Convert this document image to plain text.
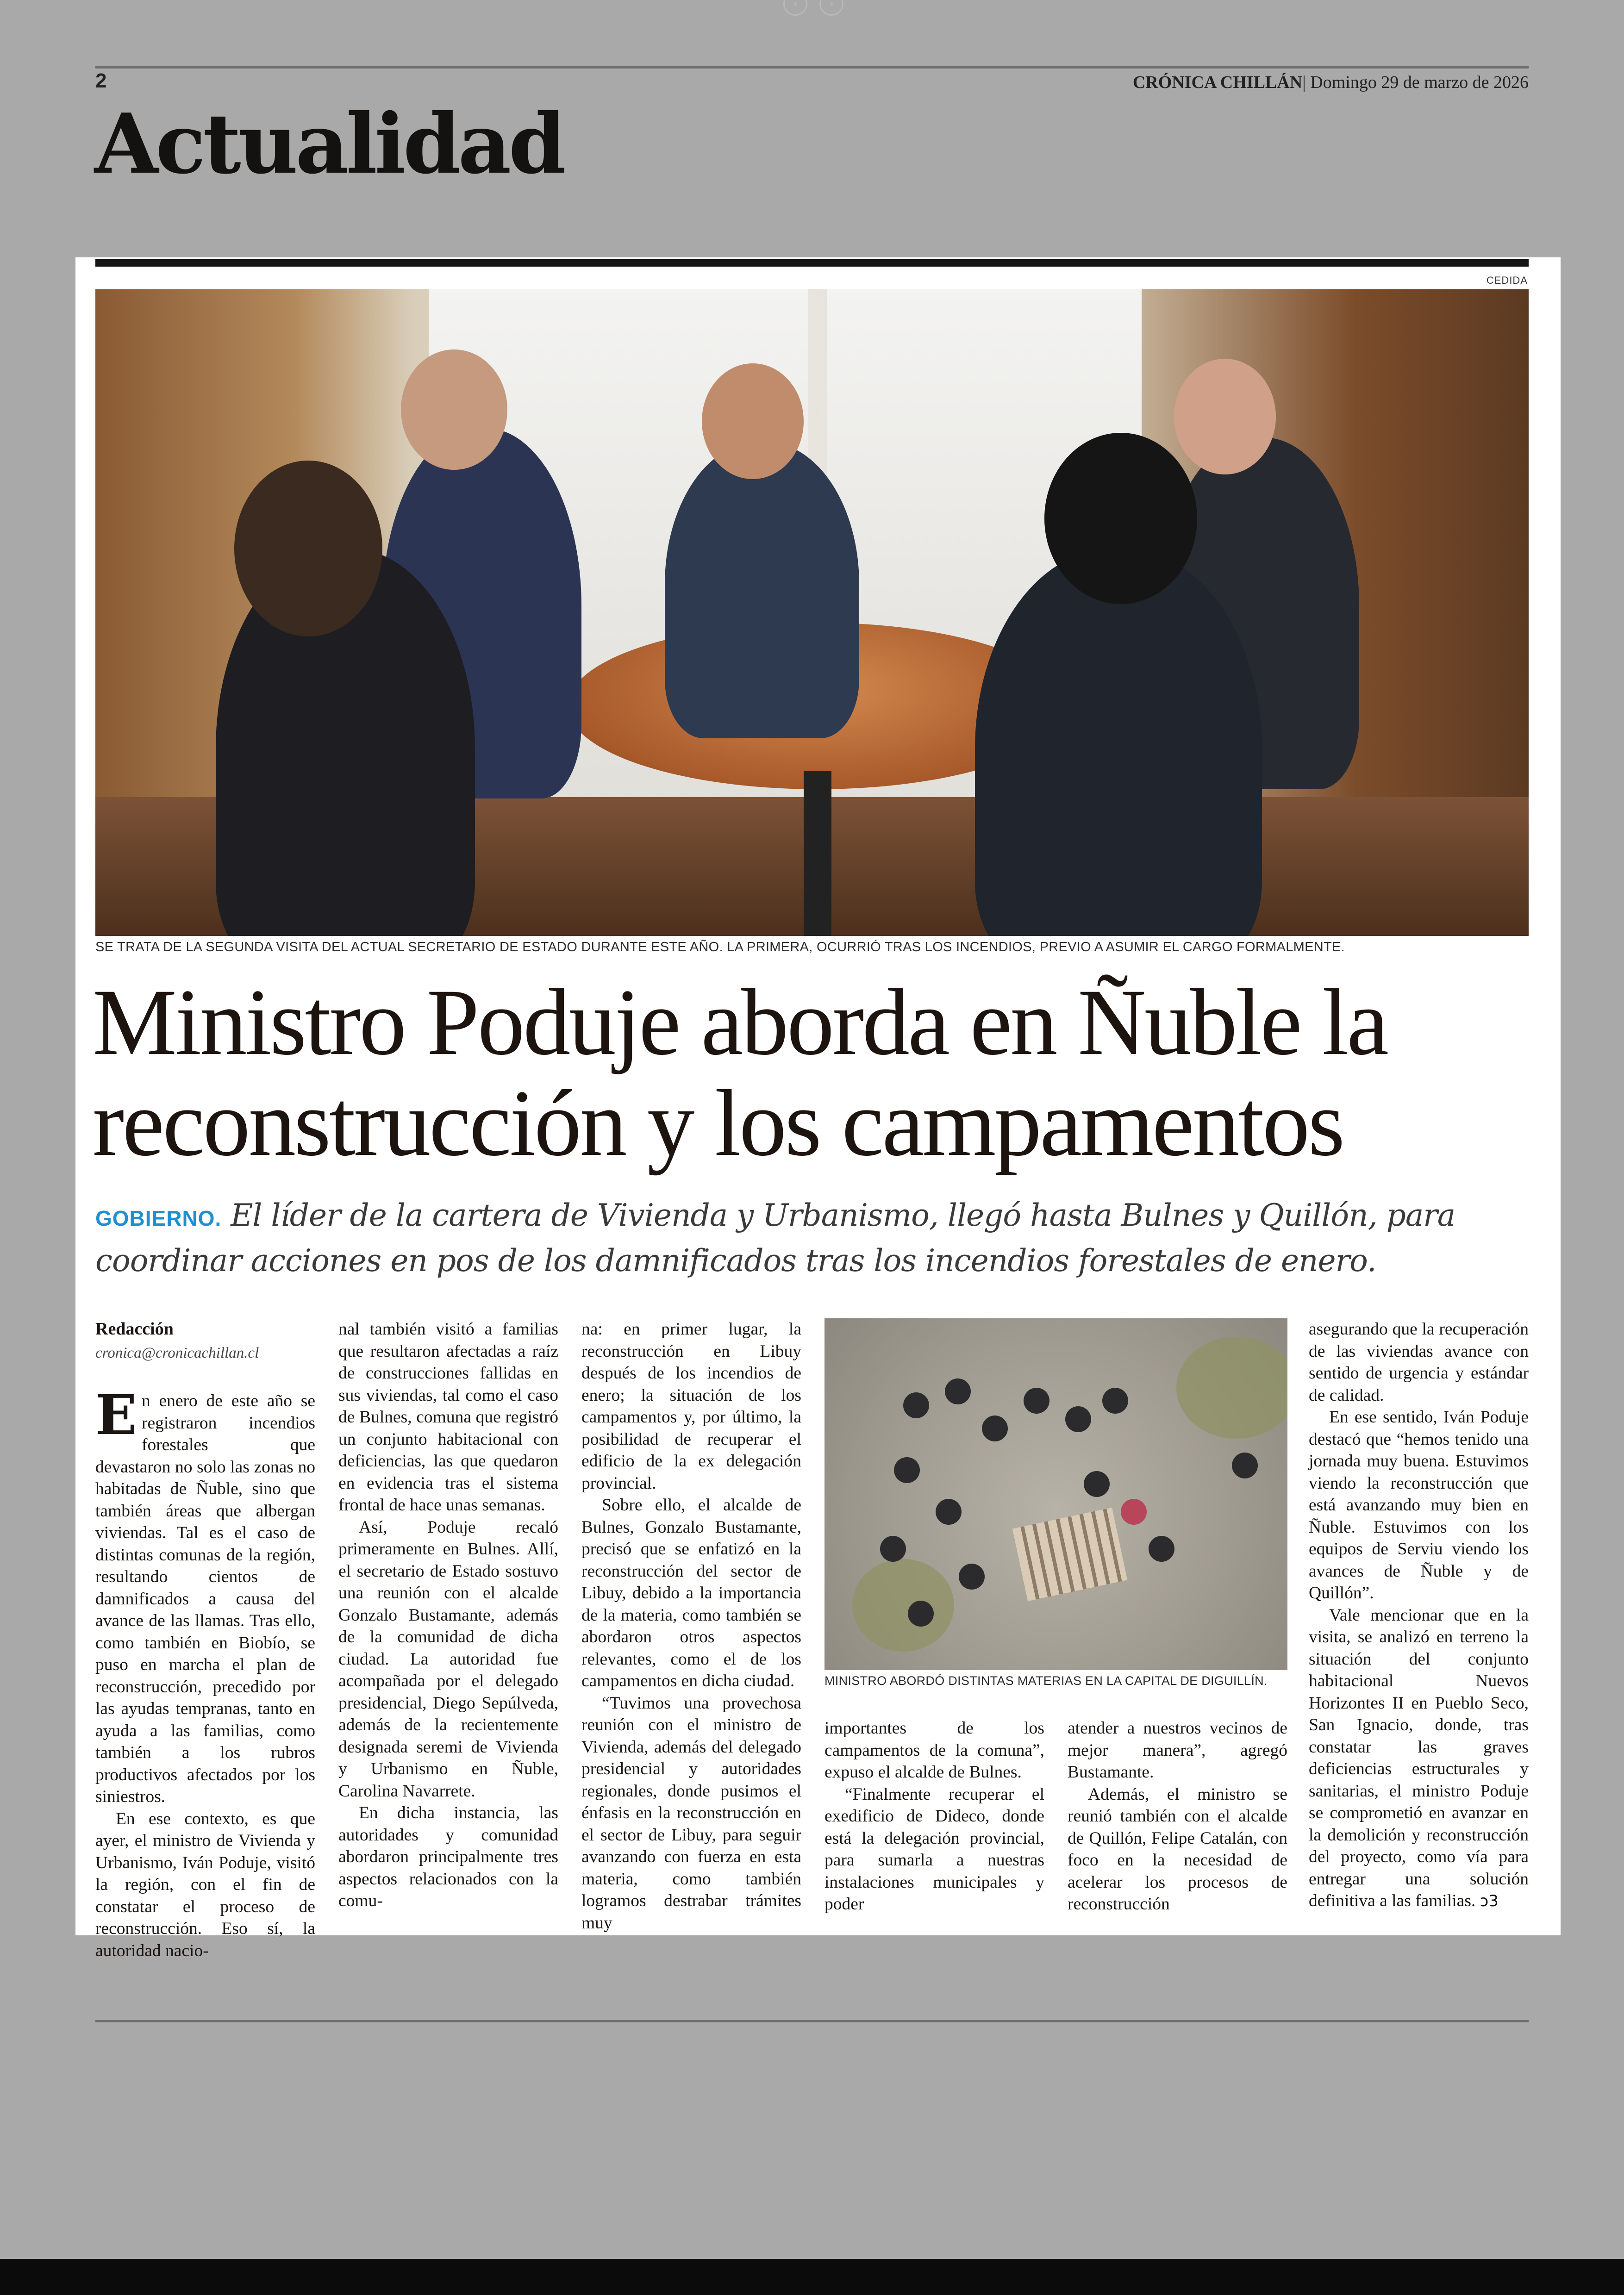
‹	›
2	CRÓNICA CHILLÁN| Domingo 29 de marzo de 2026
Actualidad
CEDIDA
SE TRATA DE LA SEGUNDA VISITA DEL ACTUAL SECRETARIO DE ESTADO DURANTE ESTE AÑO. LA PRIMERA, OCURRIÓ TRAS LOS INCENDIOS, PREVIO A ASUMIR EL CARGO FORMALMENTE.
Ministro Poduje aborda en Ñuble la
reconstrucción y los campamentos
GOBIERNO. El líder de la cartera de Vivienda y Urbanismo, llegó hasta Bulnes y Quillón, para coordinar acciones en pos de los damnificados tras los incendios forestales de enero.
Redacción
cronica@cronicachillan.cl

En enero de este año se registraron incendios forestales que devastaron no solo las zonas no habitadas de Ñuble, sino que también áreas que albergan viviendas. Tal es el caso de distintas comunas de la región, resultando cientos de damnificados a causa del avance de las llamas. Tras ello, como también en Biobío, se puso en marcha el plan de reconstrucción, precedido por las ayudas tempranas, tanto en ayuda a las familias, como también a los rubros productivos afectados por los siniestros.

En ese contexto, es que ayer, el ministro de Vivienda y Urbanismo, Iván Poduje, visitó la región, con el fin de constatar el proceso de reconstrucción. Eso sí, la autoridad nacio-

nal también visitó a familias que resultaron afectadas a raíz de construcciones fallidas en sus viviendas, tal como el caso de Bulnes, comuna que registró un conjunto habitacional con deficiencias, las que quedaron en evidencia tras el sistema frontal de hace unas semanas.

Así, Poduje recaló primeramente en Bulnes. Allí, el secretario de Estado sostuvo una reunión con el alcalde Gonzalo Bustamante, además de la comunidad de dicha ciudad. La autoridad fue acompañada por el delegado presidencial, Diego Sepúlveda, además de la recientemente designada seremi de Vivienda y Urbanismo en Ñuble, Carolina Navarrete.

En dicha instancia, las autoridades y comunidad abordaron principalmente tres aspectos relacionados con la comu-

na: en primer lugar, la reconstrucción en Libuy después de los incendios de enero; la situación de los campamentos y, por último, la posibilidad de recuperar el edificio de la ex delegación provincial.

Sobre ello, el alcalde de Bulnes, Gonzalo Bustamante, precisó que se enfatizó en la reconstrucción del sector de Libuy, debido a la importancia de la materia, como también se abordaron otros aspectos relevantes, como el de los campamentos en dicha ciudad.

“Tuvimos una provechosa reunión con el ministro de Vivienda, además del delegado presidencial y autoridades regionales, donde pusimos el énfasis en la reconstrucción en el sector de Libuy, para seguir avanzando con fuerza en esta materia, como también logramos destrabar trámites muy

MINISTRO ABORDÓ DISTINTAS MATERIAS EN LA CAPITAL DE DIGUILLÍN.

importantes de los campamentos de la comuna”, expuso el alcalde de Bulnes.

“Finalmente recuperar el exedificio de Dideco, donde está la delegación provincial, para sumarla a nuestras instalaciones municipales y poder

atender a nuestros vecinos de mejor manera”, agregó Bustamante.

Además, el ministro se reunió también con el alcalde de Quillón, Felipe Catalán, con foco en la necesidad de acelerar los procesos de reconstrucción

asegurando que la recuperación de las viviendas avance con sentido de urgencia y estándar de calidad.

En ese sentido, Iván Poduje destacó que “hemos tenido una jornada muy buena. Estuvimos viendo la reconstrucción que está avanzando muy bien en Ñuble. Estuvimos con los equipos de Serviu viendo los avances de Ñuble y de Quillón”.

Vale mencionar que en la visita, se analizó en terreno la situación del conjunto habitacional Nuevos Horizontes II en Pueblo Seco, San Ignacio, donde, tras constatar las graves deficiencias estructurales y sanitarias, el ministro Poduje se comprometió en avanzar en la demolición y reconstrucción del proyecto, como vía para entregar una solución definitiva a las familias. ↄ3
